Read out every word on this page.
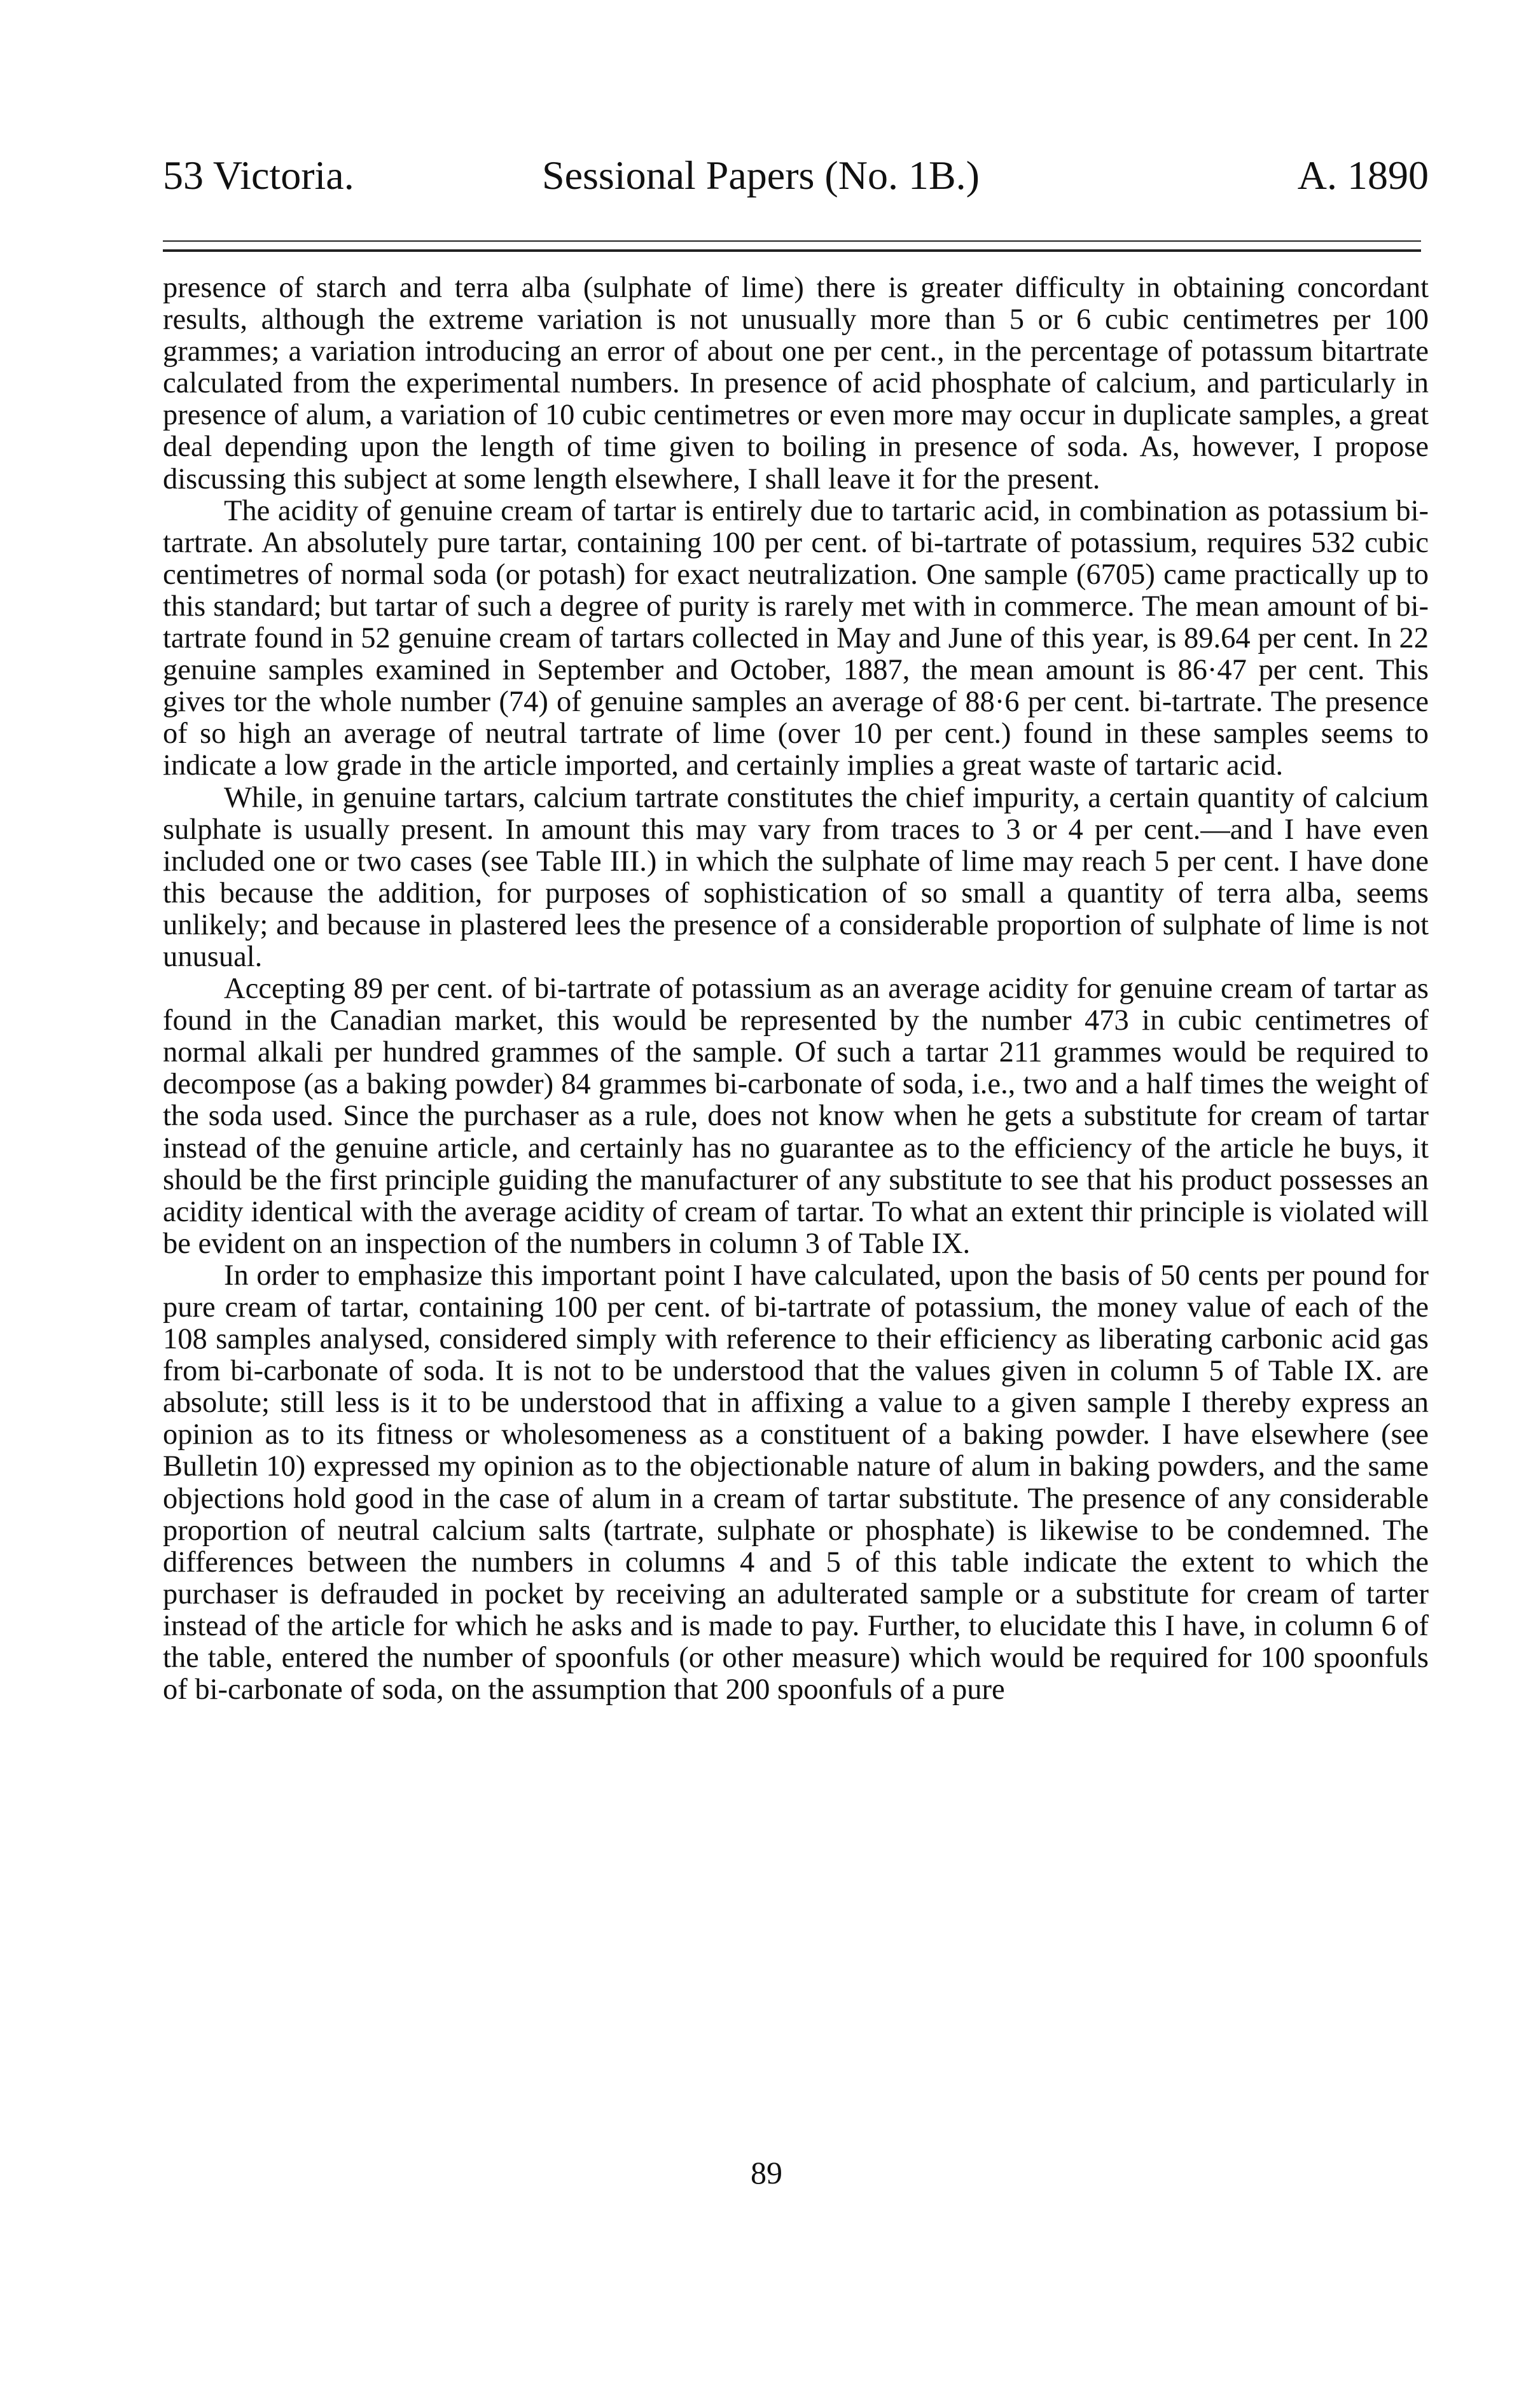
53 Victoria.	Sessional Papers (No. 1B.)	A. 1890

presence of starch and terra alba (sulphate of lime) there is greater difficulty in obtaining concordant results, although the extreme variation is not unusually more than 5 or 6 cubic centimetres per 100 grammes; a variation introducing an error of about one per cent., in the percentage of potassum bitartrate calculated from the experimental numbers. In presence of acid phosphate of calcium, and particularly in presence of alum, a variation of 10 cubic centimetres or even more may occur in duplicate samples, a great deal depending upon the length of time given to boiling in presence of soda. As, however, I propose discussing this subject at some length elsewhere, I shall leave it for the present.

The acidity of genuine cream of tartar is entirely due to tartaric acid, in combination as potassium bi-tartrate. An absolutely pure tartar, containing 100 per cent. of bi-tartrate of potassium, requires 532 cubic centimetres of normal soda (or potash) for exact neutralization. One sample (6705) came practically up to this standard; but tartar of such a degree of purity is rarely met with in commerce. The mean amount of bi-tartrate found in 52 genuine cream of tartars collected in May and June of this year, is 89.64 per cent. In 22 genuine samples examined in September and October, 1887, the mean amount is 86·47 per cent. This gives tor the whole number (74) of genuine samples an average of 88·6 per cent. bi-tartrate. The presence of so high an average of neutral tartrate of lime (over 10 per cent.) found in these samples seems to indicate a low grade in the article imported, and certainly implies a great waste of tartaric acid.

While, in genuine tartars, calcium tartrate constitutes the chief impurity, a certain quantity of calcium sulphate is usually present. In amount this may vary from traces to 3 or 4 per cent.—and I have even included one or two cases (see Table III.) in which the sulphate of lime may reach 5 per cent. I have done this because the addition, for purposes of sophistication of so small a quantity of terra alba, seems unlikely; and because in plastered lees the presence of a considerable proportion of sulphate of lime is not unusual.

Accepting 89 per cent. of bi-tartrate of potassium as an average acidity for genuine cream of tartar as found in the Canadian market, this would be represented by the number 473 in cubic centimetres of normal alkali per hundred grammes of the sample. Of such a tartar 211 grammes would be required to decompose (as a baking powder) 84 grammes bi-carbonate of soda, i.e., two and a half times the weight of the soda used. Since the purchaser as a rule, does not know when he gets a substitute for cream of tartar instead of the genuine article, and certainly has no guarantee as to the efficiency of the article he buys, it should be the first principle guiding the manufacturer of any substitute to see that his product possesses an acidity identical with the average acidity of cream of tartar. To what an extent thir principle is violated will be evident on an inspection of the numbers in column 3 of Table IX.

In order to emphasize this important point I have calculated, upon the basis of 50 cents per pound for pure cream of tartar, containing 100 per cent. of bi-tartrate of potassium, the money value of each of the 108 samples analysed, considered simply with reference to their efficiency as liberating carbonic acid gas from bi-carbonate of soda. It is not to be understood that the values given in column 5 of Table IX. are absolute; still less is it to be understood that in affixing a value to a given sample I thereby express an opinion as to its fitness or wholesomeness as a constituent of a baking powder. I have elsewhere (see Bulletin 10) expressed my opinion as to the objectionable nature of alum in baking powders, and the same objections hold good in the case of alum in a cream of tartar substitute. The presence of any considerable proportion of neutral calcium salts (tartrate, sulphate or phosphate) is likewise to be condemned. The differences between the numbers in columns 4 and 5 of this table indicate the extent to which the purchaser is defrauded in pocket by receiving an adulterated sample or a substitute for cream of tarter instead of the article for which he asks and is made to pay. Further, to elucidate this I have, in column 6 of the table, entered the number of spoonfuls (or other measure) which would be required for 100 spoonfuls of bi-carbonate of soda, on the assumption that 200 spoonfuls of a pure

89
